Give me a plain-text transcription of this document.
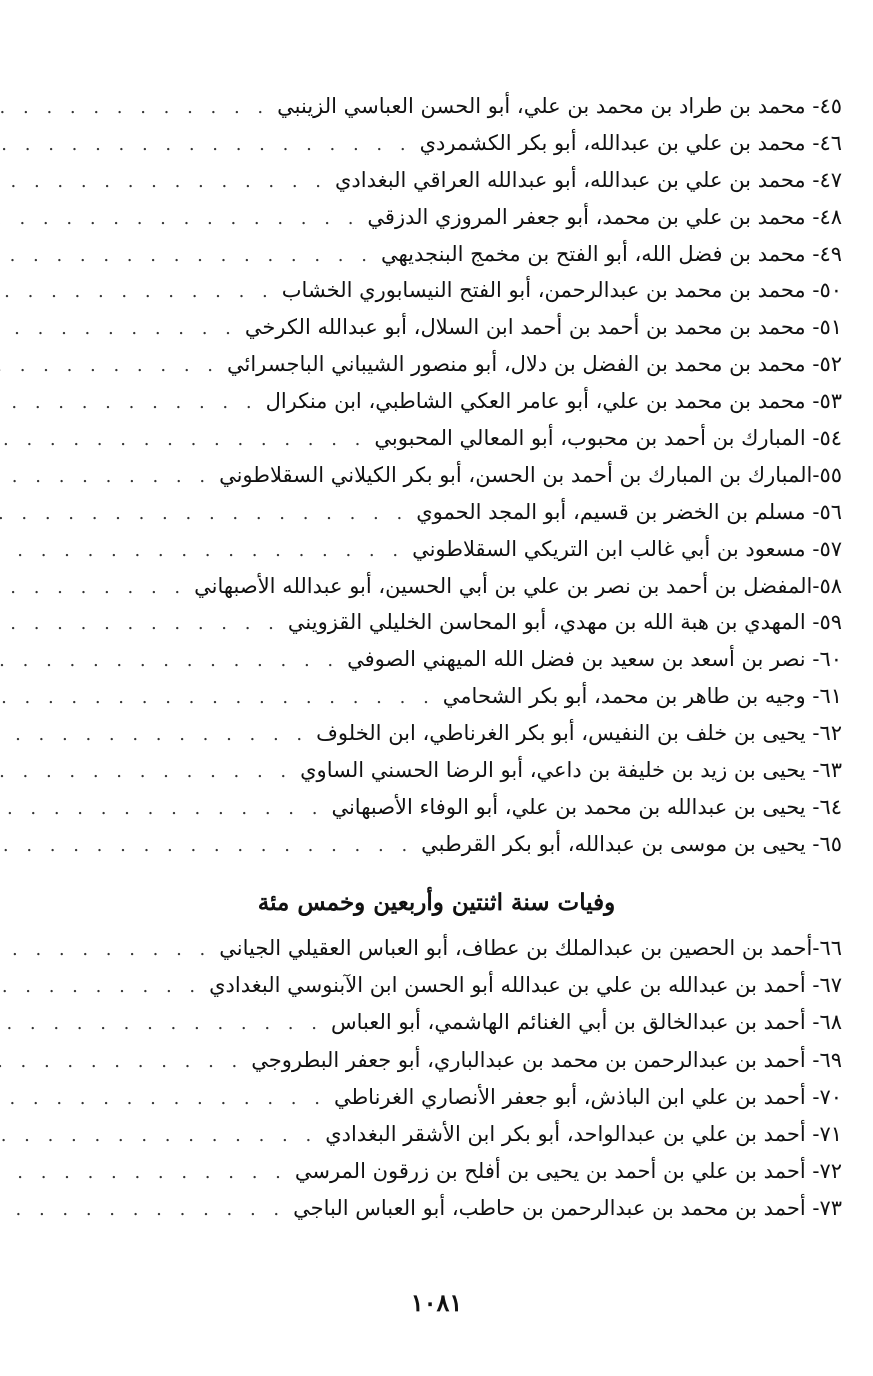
٤٥- محمد بن طراد بن محمد بن علي، أبو الحسن العباسي الزينبي
. . .
٤٦- محمد بن علي بن عبدالله، أبو بكر الكشمردي
. . .
٤٧- محمد بن علي بن عبدالله، أبو عبدالله العراقي البغدادي
. . .
٤٨- محمد بن علي بن محمد، أبو جعفر المروزي الدزقي
. . .
٤٩- محمد بن فضل الله، أبو الفتح بن مخمج البنجديهي
. . .
٥٠- محمد بن محمد بن عبدالرحمن، أبو الفتح النيسابوري الخشاب
. . .
٥١- محمد بن محمد بن أحمد بن أحمد ابن السلال، أبو عبدالله الكرخي
. . .
٥٢- محمد بن محمد بن الفضل بن دلال، أبو منصور الشيباني الباجسرائي
. . .
٥٣- محمد بن محمد بن علي، أبو عامر العكي الشاطبي، ابن منكرال
. . .
٥٤- المبارك بن أحمد بن محبوب، أبو المعالي المحبوبي
. . .
٥٥-المبارك بن المبارك بن أحمد بن الحسن، أبو بكر الكيلاني السقلاطوني
. . .
٥٦- مسلم بن الخضر بن قسيم، أبو المجد الحموي
. . .
٥٧- مسعود بن أبي غالب ابن التريكي السقلاطوني
. . .
٥٨-المفضل بن أحمد بن نصر بن علي بن أبي الحسين، أبو عبدالله الأصبهاني
. . .
٥٩- المهدي بن هبة الله بن مهدي، أبو المحاسن الخليلي القزويني
. . .
٦٠- نصر بن أسعد بن سعيد بن فضل الله الميهني الصوفي
. . .
٦١- وجيه بن طاهر بن محمد، أبو بكر الشحامي
. . .
٦٢- يحيى بن خلف بن النفيس، أبو بكر الغرناطي، ابن الخلوف
. . .
٦٣- يحيى بن زيد بن خليفة بن داعي، أبو الرضا الحسني الساوي
. . .
٦٤- يحيى بن عبدالله بن محمد بن علي، أبو الوفاء الأصبهاني
. . .
٦٥- يحيى بن موسى بن عبدالله، أبو بكر القرطبي
. . .
وفيات سنة اثنتين وأربعين وخمس مئة
٦٦-أحمد بن الحصين بن عبدالملك بن عطاف، أبو العباس العقيلي الجياني
. . .
٦٧- أحمد بن عبدالله بن علي بن عبدالله أبو الحسن ابن الآبنوسي البغدادي
. . .
٦٨- أحمد بن عبدالخالق بن أبي الغنائم الهاشمي، أبو العباس
. . .
٦٩- أحمد بن عبدالرحمن بن محمد بن عبدالباري، أبو جعفر البطروجي
. . .
٧٠- أحمد بن علي ابن الباذش، أبو جعفر الأنصاري الغرناطي
. . .
٧١- أحمد بن علي بن عبدالواحد، أبو بكر ابن الأشقر البغدادي
. . .
٧٢- أحمد بن علي بن أحمد بن يحيى بن أفلح بن زرقون المرسي
. . .
٧٣- أحمد بن محمد بن عبدالرحمن بن حاطب، أبو العباس الباجي
. . .
١٠٨١
